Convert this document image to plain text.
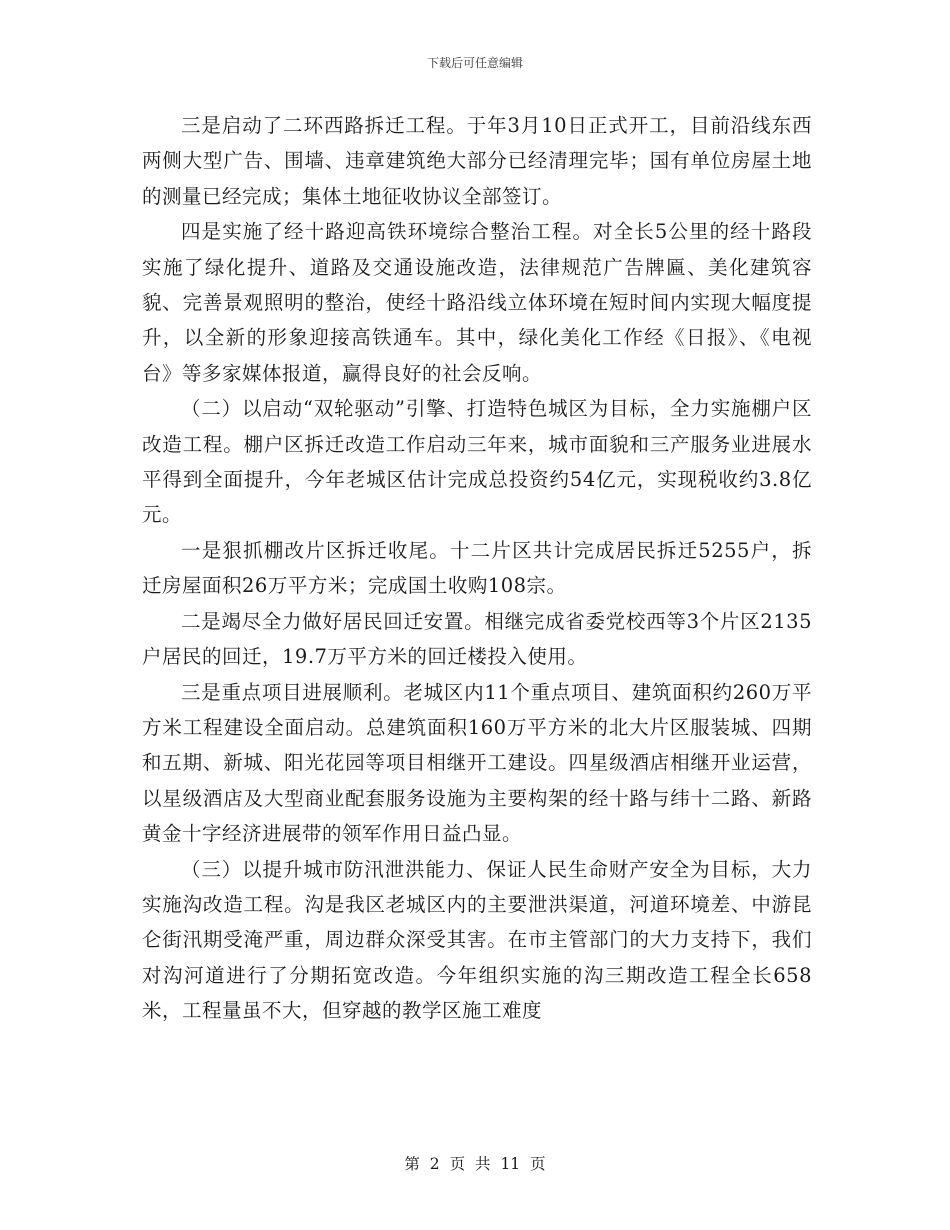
下载后可任意编辑

三是启动了二环西路拆迁工程。于年3月10日正式开工，目前沿线东西两侧大型广告、围墙、违章建筑绝大部分已经清理完毕；国有单位房屋土地的测量已经完成；集体土地征收协议全部签订。

四是实施了经十路迎高铁环境综合整治工程。对全长5公里的经十路段实施了绿化提升、道路及交通设施改造，法律规范广告牌匾、美化建筑容貌、完善景观照明的整治，使经十路沿线立体环境在短时间内实现大幅度提升，以全新的形象迎接高铁通车。其中，绿化美化工作经《日报》、《电视台》等多家媒体报道，赢得良好的社会反响。

（二）以启动“双轮驱动”引擎、打造特色城区为目标，全力实施棚户区改造工程。棚户区拆迁改造工作启动三年来，城市面貌和三产服务业进展水平得到全面提升，今年老城区估计完成总投资约54亿元，实现税收约3.8亿元。

一是狠抓棚改片区拆迁收尾。十二片区共计完成居民拆迁5255户，拆迁房屋面积26万平方米；完成国土收购108宗。

二是竭尽全力做好居民回迁安置。相继完成省委党校西等3个片区2135户居民的回迁，19.7万平方米的回迁楼投入使用。

三是重点项目进展顺利。老城区内11个重点项目、建筑面积约260万平方米工程建设全面启动。总建筑面积160万平方米的北大片区服装城、四期和五期、新城、阳光花园等项目相继开工建设。四星级酒店相继开业运营，以星级酒店及大型商业配套服务设施为主要构架的经十路与纬十二路、新路黄金十字经济进展带的领军作用日益凸显。

（三）以提升城市防汛泄洪能力、保证人民生命财产安全为目标，大力实施沟改造工程。沟是我区老城区内的主要泄洪渠道，河道环境差、中游昆仑街汛期受淹严重，周边群众深受其害。在市主管部门的大力支持下，我们对沟河道进行了分期拓宽改造。今年组织实施的沟三期改造工程全长658米，工程量虽不大，但穿越的教学区施工难度

第 2 页 共 11 页
